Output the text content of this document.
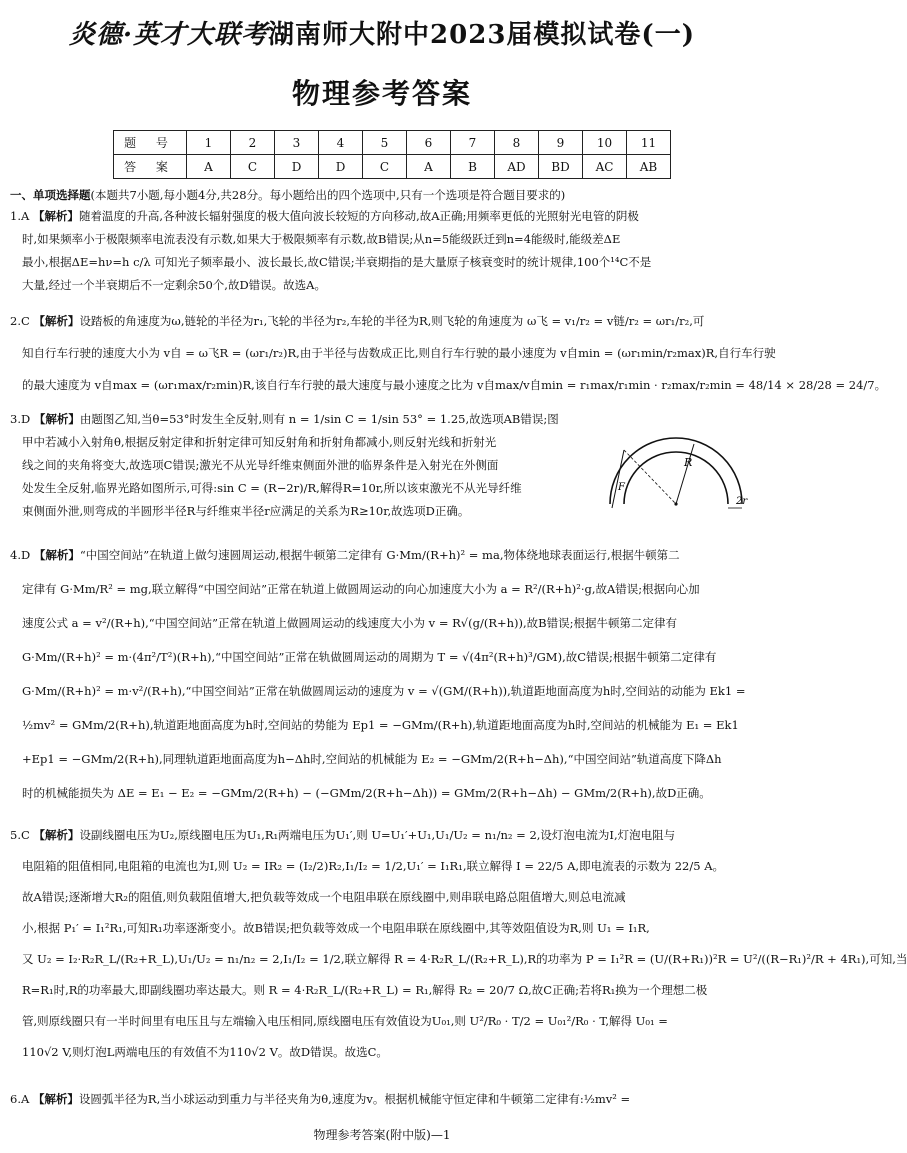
炎德·英才大联考湖南师大附中2023届模拟试卷(一)
物理参考答案
题 号	1	2	3	4	5	6	7	8	9	10	11
答 案	A	C	D	D	C	A	B	AD	BD	AC	AB
一、单项选择题(本题共7小题,每小题4分,共28分。每小题给出的四个选项中,只有一个选项是符合题目要求的)
1.A 【解析】随着温度的升高,各种波长辐射强度的极大值向波长较短的方向移动,故A正确;用频率更低的光照射光电管的阴极
时,如果频率小于极限频率电流表没有示数,如果大于极限频率有示数,故B错误;从n=5能级跃迁到n=4能级时,能级差ΔE
最小,根据ΔE=hν=h c/λ 可知光子频率最小、波长最长,故C错误;半衰期指的是大量原子核衰变时的统计规律,100个¹⁴C不是
大量,经过一个半衰期后不一定剩余50个,故D错误。故选A。
2.C 【解析】设踏板的角速度为ω,链轮的半径为r₁,飞轮的半径为r₂,车轮的半径为R,则飞轮的角速度为 ω飞 = v₁/r₂ = v链/r₂ = ωr₁/r₂,可
知自行车行驶的速度大小为 v自 = ω飞R = (ωr₁/r₂)R,由于半径与齿数成正比,则自行车行驶的最小速度为 v自min = (ωr₁min/r₂max)R,自行车行驶
的最大速度为 v自max = (ωr₁max/r₂min)R,该自行车行驶的最大速度与最小速度之比为 v自max/v自min = r₁max/r₁min · r₂max/r₂min = 48/14 × 28/28 = 24/7。
3.D 【解析】由题图乙知,当θ=53°时发生全反射,则有 n = 1/sin C = 1/sin 53° = 1.25,故选项AB错误;图
甲中若减小入射角θ,根据反射定律和折射定律可知反射角和折射角都减小,则反射光线和折射光
线之间的夹角将变大,故选项C错误;激光不从光导纤维束侧面外泄的临界条件是入射光在外侧面
处发生全反射,临界光路如图所示,可得:sin C = (R−2r)/R,解得R=10r,所以该束激光不从光导纤维
束侧面外泄,则弯成的半圆形半径R与纤维束半径r应满足的关系为R≥10r,故选项D正确。
R
F
2r
4.D 【解析】“中国空间站”在轨道上做匀速圆周运动,根据牛顿第二定律有 G·Mm/(R+h)² = ma,物体绕地球表面运行,根据牛顿第二
定律有 G·Mm/R² = mg,联立解得“中国空间站”正常在轨道上做圆周运动的向心加速度大小为 a = R²/(R+h)²·g,故A错误;根据向心加
速度公式 a = v²/(R+h),“中国空间站”正常在轨道上做圆周运动的线速度大小为 v = R√(g/(R+h)),故B错误;根据牛顿第二定律有
G·Mm/(R+h)² = m·(4π²/T²)(R+h),“中国空间站”正常在轨做圆周运动的周期为 T = √(4π²(R+h)³/GM),故C错误;根据牛顿第二定律有
G·Mm/(R+h)² = m·v²/(R+h),“中国空间站”正常在轨做圆周运动的速度为 v = √(GM/(R+h)),轨道距地面高度为h时,空间站的动能为 Ek1 =
½mv² = GMm/2(R+h),轨道距地面高度为h时,空间站的势能为 Ep1 = −GMm/(R+h),轨道距地面高度为h时,空间站的机械能为 E₁ = Ek1
+Ep1 = −GMm/2(R+h),同理轨道距地面高度为h−Δh时,空间站的机械能为 E₂ = −GMm/2(R+h−Δh),“中国空间站”轨道高度下降Δh
时的机械能损失为 ΔE = E₁ − E₂ = −GMm/2(R+h) − (−GMm/2(R+h−Δh)) = GMm/2(R+h−Δh) − GMm/2(R+h),故D正确。
5.C 【解析】设副线圈电压为U₂,原线圈电压为U₁,R₁两端电压为U₁′,则 U=U₁′+U₁,U₁/U₂ = n₁/n₂ = 2,设灯泡电流为I,灯泡电阻与
电阻箱的阻值相同,电阻箱的电流也为I,则 U₂ = IR₂ = (I₂/2)R₂,I₁/I₂ = 1/2,U₁′ = I₁R₁,联立解得 I = 22/5 A,即电流表的示数为 22/5 A。
故A错误;逐渐增大R₂的阻值,则负载阻值增大,把负载等效成一个电阻串联在原线圈中,则串联电路总阻值增大,则总电流减
小,根据 P₁′ = I₁²R₁,可知R₁功率逐渐变小。故B错误;把负载等效成一个电阻串联在原线圈中,其等效阻值设为R,则 U₁ = I₁R,
又 U₂ = I₂·R₂R_L/(R₂+R_L),U₁/U₂ = n₁/n₂ = 2,I₁/I₂ = 1/2,联立解得 R = 4·R₂R_L/(R₂+R_L),R的功率为 P = I₁²R = (U/(R+R₁))²R = U²/((R−R₁)²/R + 4R₁),可知,当
R=R₁时,R的功率最大,即副线圈功率达最大。则 R = 4·R₂R_L/(R₂+R_L) = R₁,解得 R₂ = 20/7 Ω,故C正确;若将R₁换为一个理想二极
管,则原线圈只有一半时间里有电压且与左端输入电压相同,原线圈电压有效值设为U₀₁,则 U²/R₀ · T/2 = U₀₁²/R₀ · T,解得 U₀₁ =
110√2 V,则灯泡L两端电压的有效值不为110√2 V。故D错误。故选C。
6.A 【解析】设圆弧半径为R,当小球运动到重力与半径夹角为θ,速度为v。根据机械能守恒定律和牛顿第二定律有:½mv² =
物理参考答案(附中版)—1
